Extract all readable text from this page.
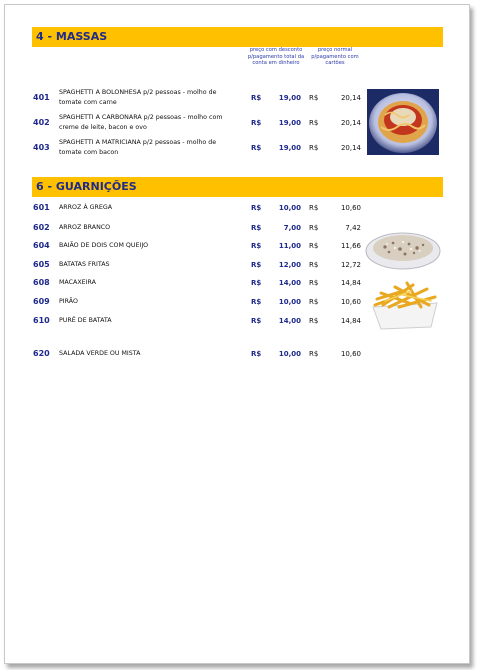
4 - MASSAS
preço com desconto
p/pagamento total da
conta em dinheiro
preço normal
p/pagamento com
cartões
401
SPAGHETTI A BOLONHESA p/2 pessoas - molho de
tomate com carne	R$	19,00 R$	20,14
402
SPAGHETTI A CARBONARA p/2 pessoas - molho com
creme de leite, bacon e ovo	R$	19,00 R$	20,14
403
SPAGHETTI A MATRICIANA p/2 pessoas - molho de
tomate com bacon	R$	19,00 R$	20,14
6 - GUARNIÇÕES
601	ARROZ À GREGA	R$	10,00 R$	10,60
602	ARROZ BRANCO	R$	7,00 R$	7,42
604	BAIÃO DE DOIS COM QUEIJO	R$	11,00 R$	11,66
605	BATATAS FRITAS	R$	12,00 R$	12,72
608	MACAXEIRA	R$	14,00 R$	14,84
609	PIRÃO	R$	10,00 R$	10,60
610	PURÊ DE BATATA	R$	14,00 R$	14,84
620	SALADA VERDE OU MISTA	R$	10,00 R$	10,60
